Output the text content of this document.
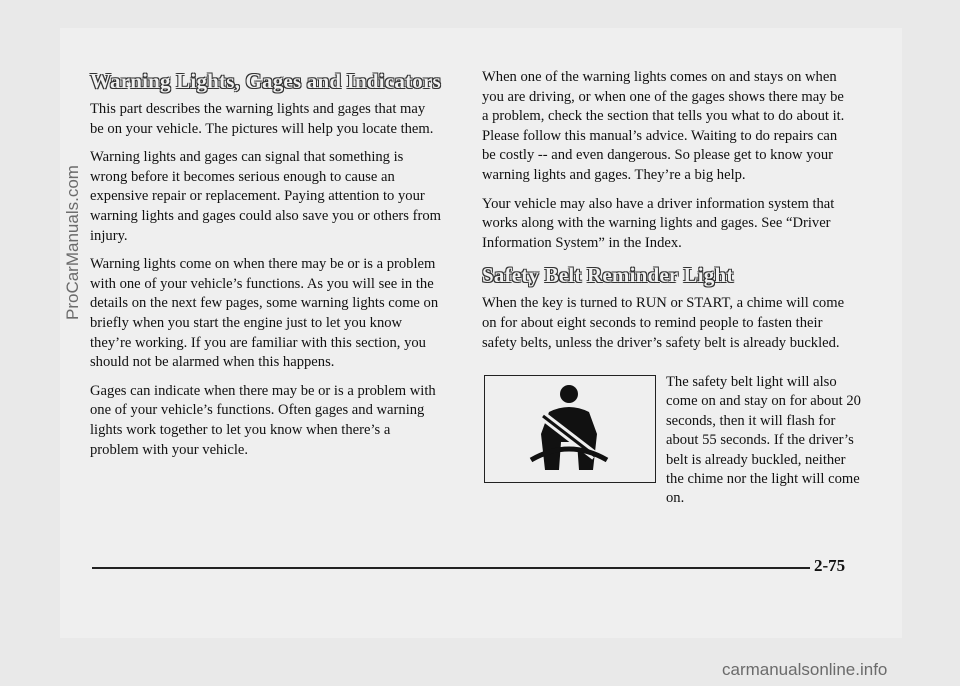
Warning Lights, Gages and Indicators

This part describes the warning lights and gages that may be on your vehicle. The pictures will help you locate them.

Warning lights and gages can signal that something is wrong before it becomes serious enough to cause an expensive repair or replacement. Paying attention to your warning lights and gages could also save you or others from injury.

Warning lights come on when there may be or is a problem with one of your vehicle’s functions. As you will see in the details on the next few pages, some warning lights come on briefly when you start the engine just to let you know they’re working. If you are familiar with this section, you should not be alarmed when this happens.

Gages can indicate when there may be or is a problem with one of your vehicle’s functions. Often gages and warning lights work together to let you know when there’s a problem with your vehicle.

When one of the warning lights comes on and stays on when you are driving, or when one of the gages shows there may be a problem, check the section that tells you what to do about it. Please follow this manual’s advice. Waiting to do repairs can be costly -- and even dangerous. So please get to know your warning lights and gages. They’re a big help.

Your vehicle may also have a driver information system that works along with the warning lights and gages. See “Driver Information System” in the Index.

Safety Belt Reminder Light

When the key is turned to RUN or START, a chime will come on for about eight seconds to remind people to fasten their safety belts, unless the driver’s safety belt is already buckled.

The safety belt light will also come on and stay on for about 20 seconds, then it will flash for about 55 seconds. If the driver’s belt is already buckled, neither the chime nor the light will come on.
2-75
ProCarManuals.com
carmanualsonline.info
